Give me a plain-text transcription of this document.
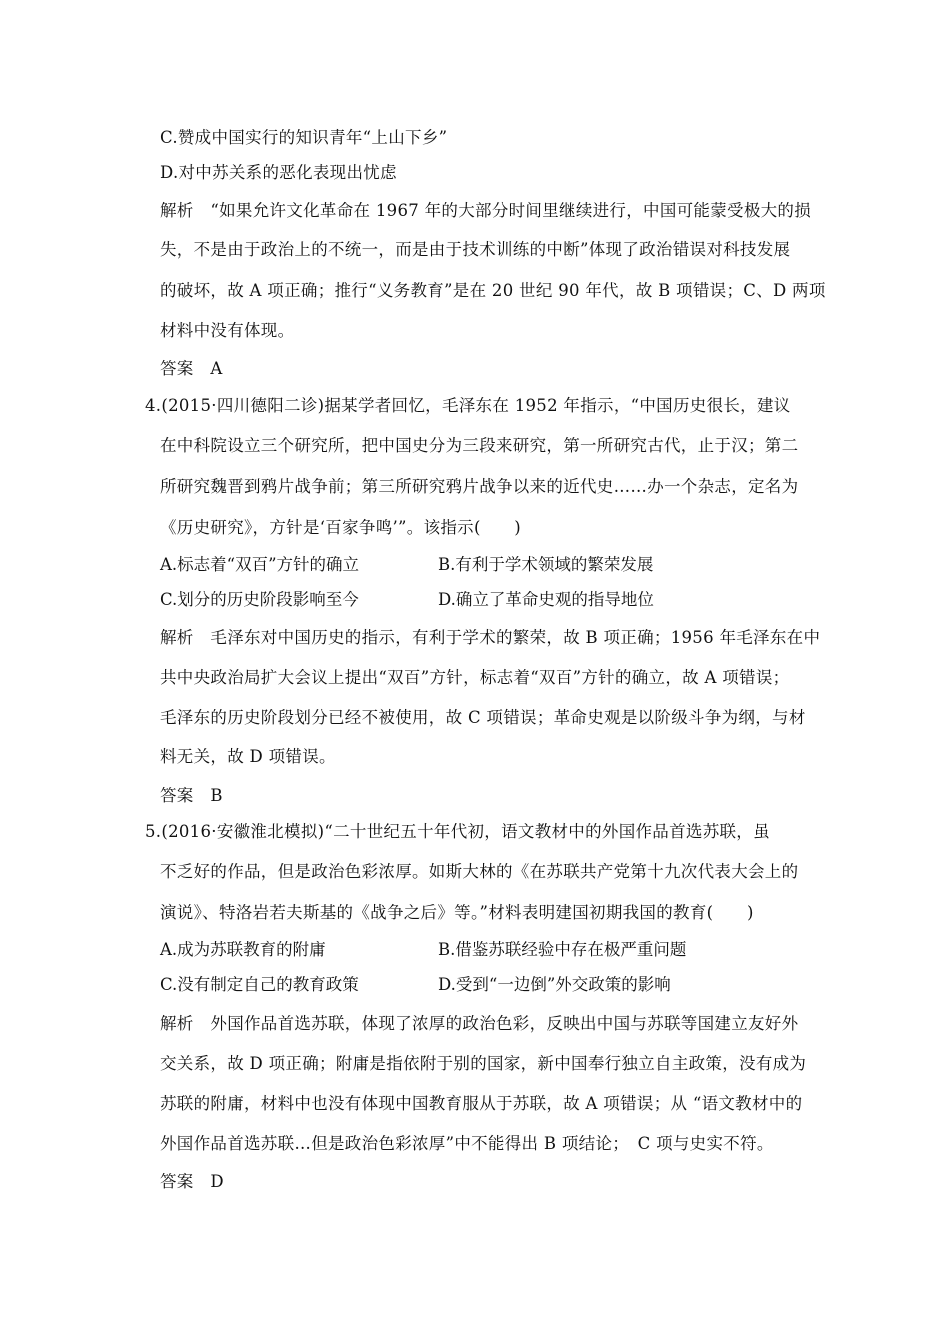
C.赞成中国实行的知识青年“上山下乡”
D.对中苏关系的恶化表现出忧虑
解析　“如果允许文化革命在 1967 年的大部分时间里继续进行，中国可能蒙受极大的损
失，不是由于政治上的不统一，而是由于技术训练的中断”体现了政治错误对科技发展
的破坏，故 A 项正确；推行“义务教育”是在 20 世纪 90 年代，故 B 项错误；C、D 两项
材料中没有体现。
答案　A
4.(2015·四川德阳二诊)据某学者回忆，毛泽东在 1952 年指示，“中国历史很长，建议
在中科院设立三个研究所，把中国史分为三段来研究，第一所研究古代，止于汉；第二
所研究魏晋到鸦片战争前；第三所研究鸦片战争以来的近代史……办一个杂志，定名为
《历史研究》，方针是‘百家争鸣’”。该指示(　　)
A.标志着“双百”方针的确立	B.有利于学术领域的繁荣发展
C.划分的历史阶段影响至今	D.确立了革命史观的指导地位
解析　毛泽东对中国历史的指示，有利于学术的繁荣，故 B 项正确；1956 年毛泽东在中
共中央政治局扩大会议上提出“双百”方针，标志着“双百”方针的确立，故 A 项错误；
毛泽东的历史阶段划分已经不被使用，故 C 项错误；革命史观是以阶级斗争为纲，与材
料无关，故 D 项错误。
答案　B
5.(2016·安徽淮北模拟)“二十世纪五十年代初，语文教材中的外国作品首选苏联，虽
不乏好的作品，但是政治色彩浓厚。如斯大林的《在苏联共产党第十九次代表大会上的
演说》、特洛岩若夫斯基的《战争之后》等。”材料表明建国初期我国的教育(　　)
A.成为苏联教育的附庸	B.借鉴苏联经验中存在极严重问题
C.没有制定自己的教育政策	D.受到“一边倒”外交政策的影响
解析　外国作品首选苏联，体现了浓厚的政治色彩，反映出中国与苏联等国建立友好外
交关系，故 D 项正确；附庸是指依附于别的国家，新中国奉行独立自主政策，没有成为
苏联的附庸，材料中也没有体现中国教育服从于苏联，故 A 项错误；从 “语文教材中的
外国作品首选苏联…但是政治色彩浓厚”中不能得出 B 项结论；　C 项与史实不符。
答案　D
